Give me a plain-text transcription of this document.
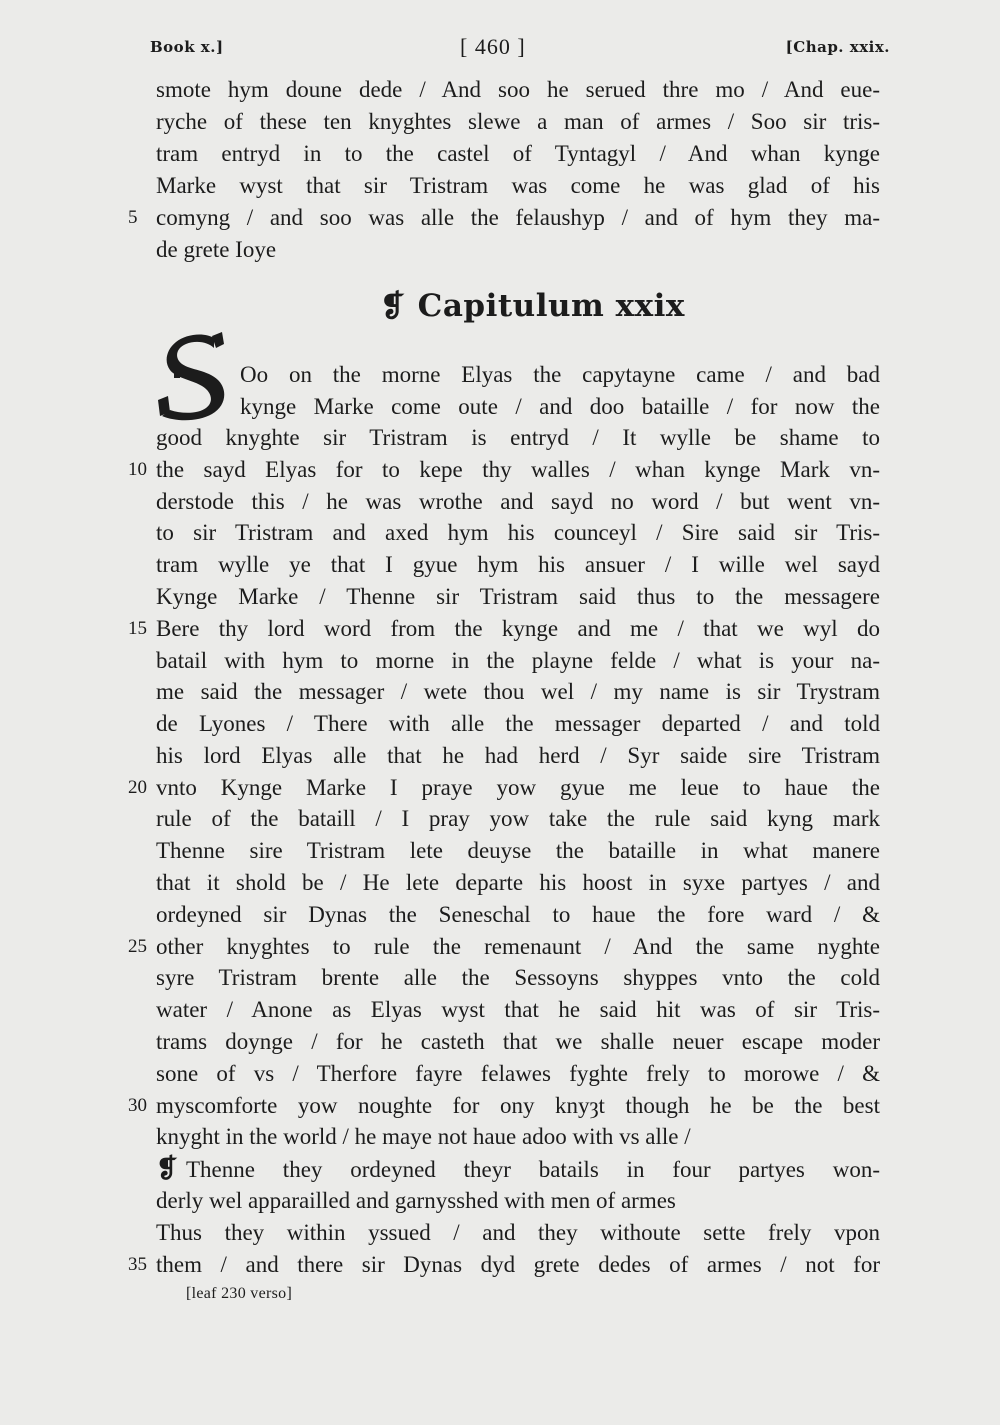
Book x.]	[ 460 ]	[Chap. xxix.
smote hym doune dede / And soo he serued thre mo / And eue-
ryche of these ten knyghtes slewe a man of armes / Soo sir tris-
tram entryd in to the castel of Tyntagyl / And whan kynge
Marke wyst that sir Tristram was come he was glad of his
5 comyng / and soo was alle the felaushyp / and of hym they ma-
de grete Ioye
❡ Capitulum xxix
Oo on the morne Elyas the capytayne came / and bad
kynge Marke come oute / and doo bataille / for now the
good knyghte sir Tristram is entryd / It wylle be shame to
10 the sayd Elyas for to kepe thy walles / whan kynge Mark vn-
derstode this / he was wrothe and sayd no word / but went vn-
to sir Tristram and axed hym his counceyl / Sire said sir Tris-
tram wylle ye that I gyue hym his ansuer / I wille wel sayd
Kynge Marke / Thenne sir Tristram said thus to the messagere
15 Bere thy lord word from the kynge and me / that we wyl do
batail with hym to morne in the playne felde / what is your na-
me said the messager / wete thou wel / my name is sir Trystram
de Lyones / There with alle the messager departed / and told
his lord Elyas alle that he had herd / Syr saide sire Tristram
20 vnto Kynge Marke I praye yow gyue me leue to haue the
rule of the bataill / I pray yow take the rule said kyng mark
Thenne sire Tristram lete deuyse the bataille in what manere
that it shold be / He lete departe his hoost in syxe partyes / and
ordeyned sir Dynas the Seneschal to haue the fore ward / &
25 other knyghtes to rule the remenaunt / And the same nyghte
syre Tristram brente alle the Sessoyns shyppes vnto the cold
water / Anone as Elyas wyst that he said hit was of sir Tris-
trams doynge / for he casteth that we shalle neuer escape moder
sone of vs / Therfore fayre felawes fyghte frely to morowe / &
30 myscomforte yow noughte for ony knyȝt though he be the best
knyght in the world / he maye not haue adoo with vs alle /
❡ Thenne they ordeyned theyr batails in four partyes won-
derly wel apparailled and garnysshed with men of armes
Thus they within yssued / and they withoute sette frely vpon
35 them / and there sir Dynas dyd grete dedes of armes / not for
[leaf 230 verso]
